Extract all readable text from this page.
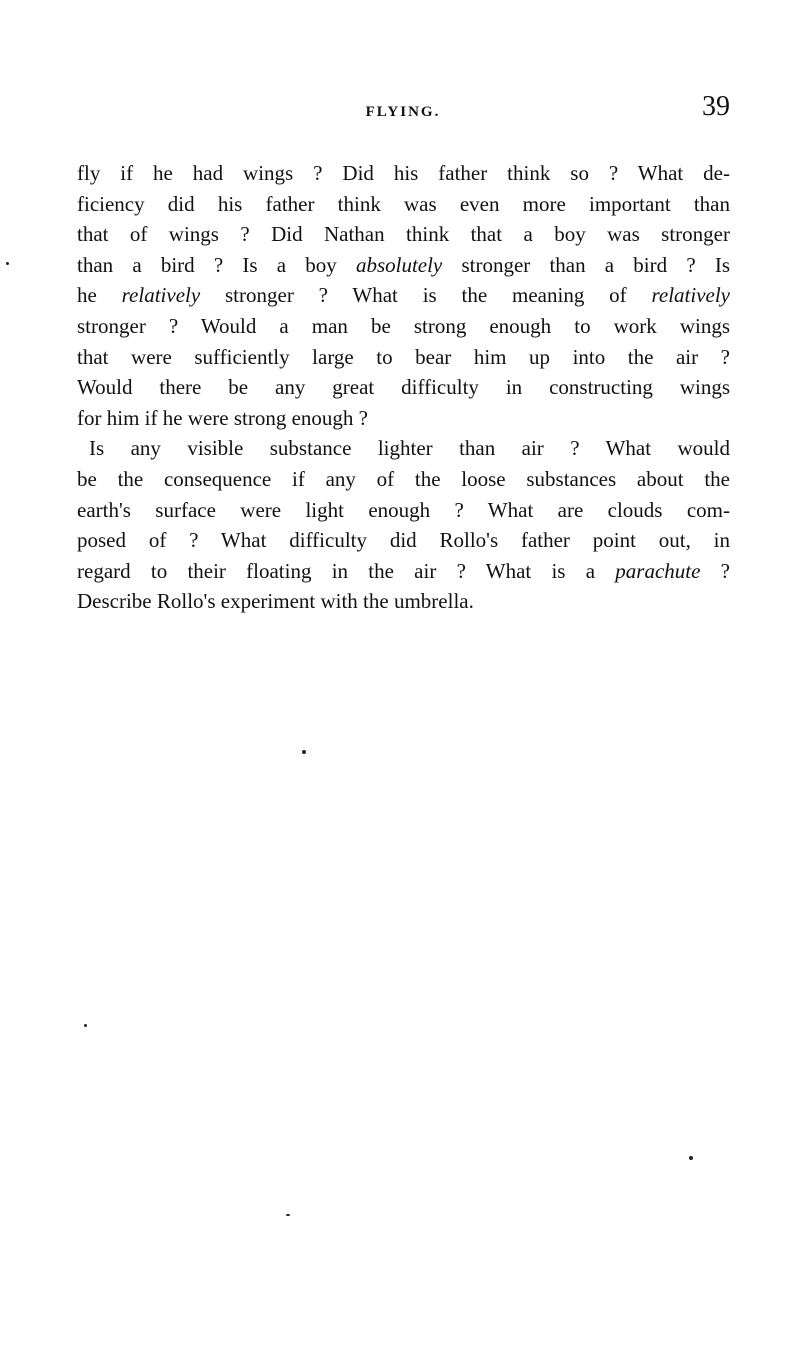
FLYING.	39

fly if he had wings ? Did his father think so ? What de-
ficiency did his father think was even more important than
that of wings ? Did Nathan think that a boy was stronger
than a bird ? Is a boy absolutely stronger than a bird ? Is
he relatively stronger ? What is the meaning of relatively
stronger ? Would a man be strong enough to work wings
that were sufficiently large to bear him up into the air ?
Would there be any great difficulty in constructing wings
for him if he were strong enough ?

Is any visible substance lighter than air ? What would
be the consequence if any of the loose substances about the
earth's surface were light enough ? What are clouds com-
posed of ? What difficulty did Rollo's father point out, in
regard to their floating in the air ? What is a parachute ?
Describe Rollo's experiment with the umbrella.
